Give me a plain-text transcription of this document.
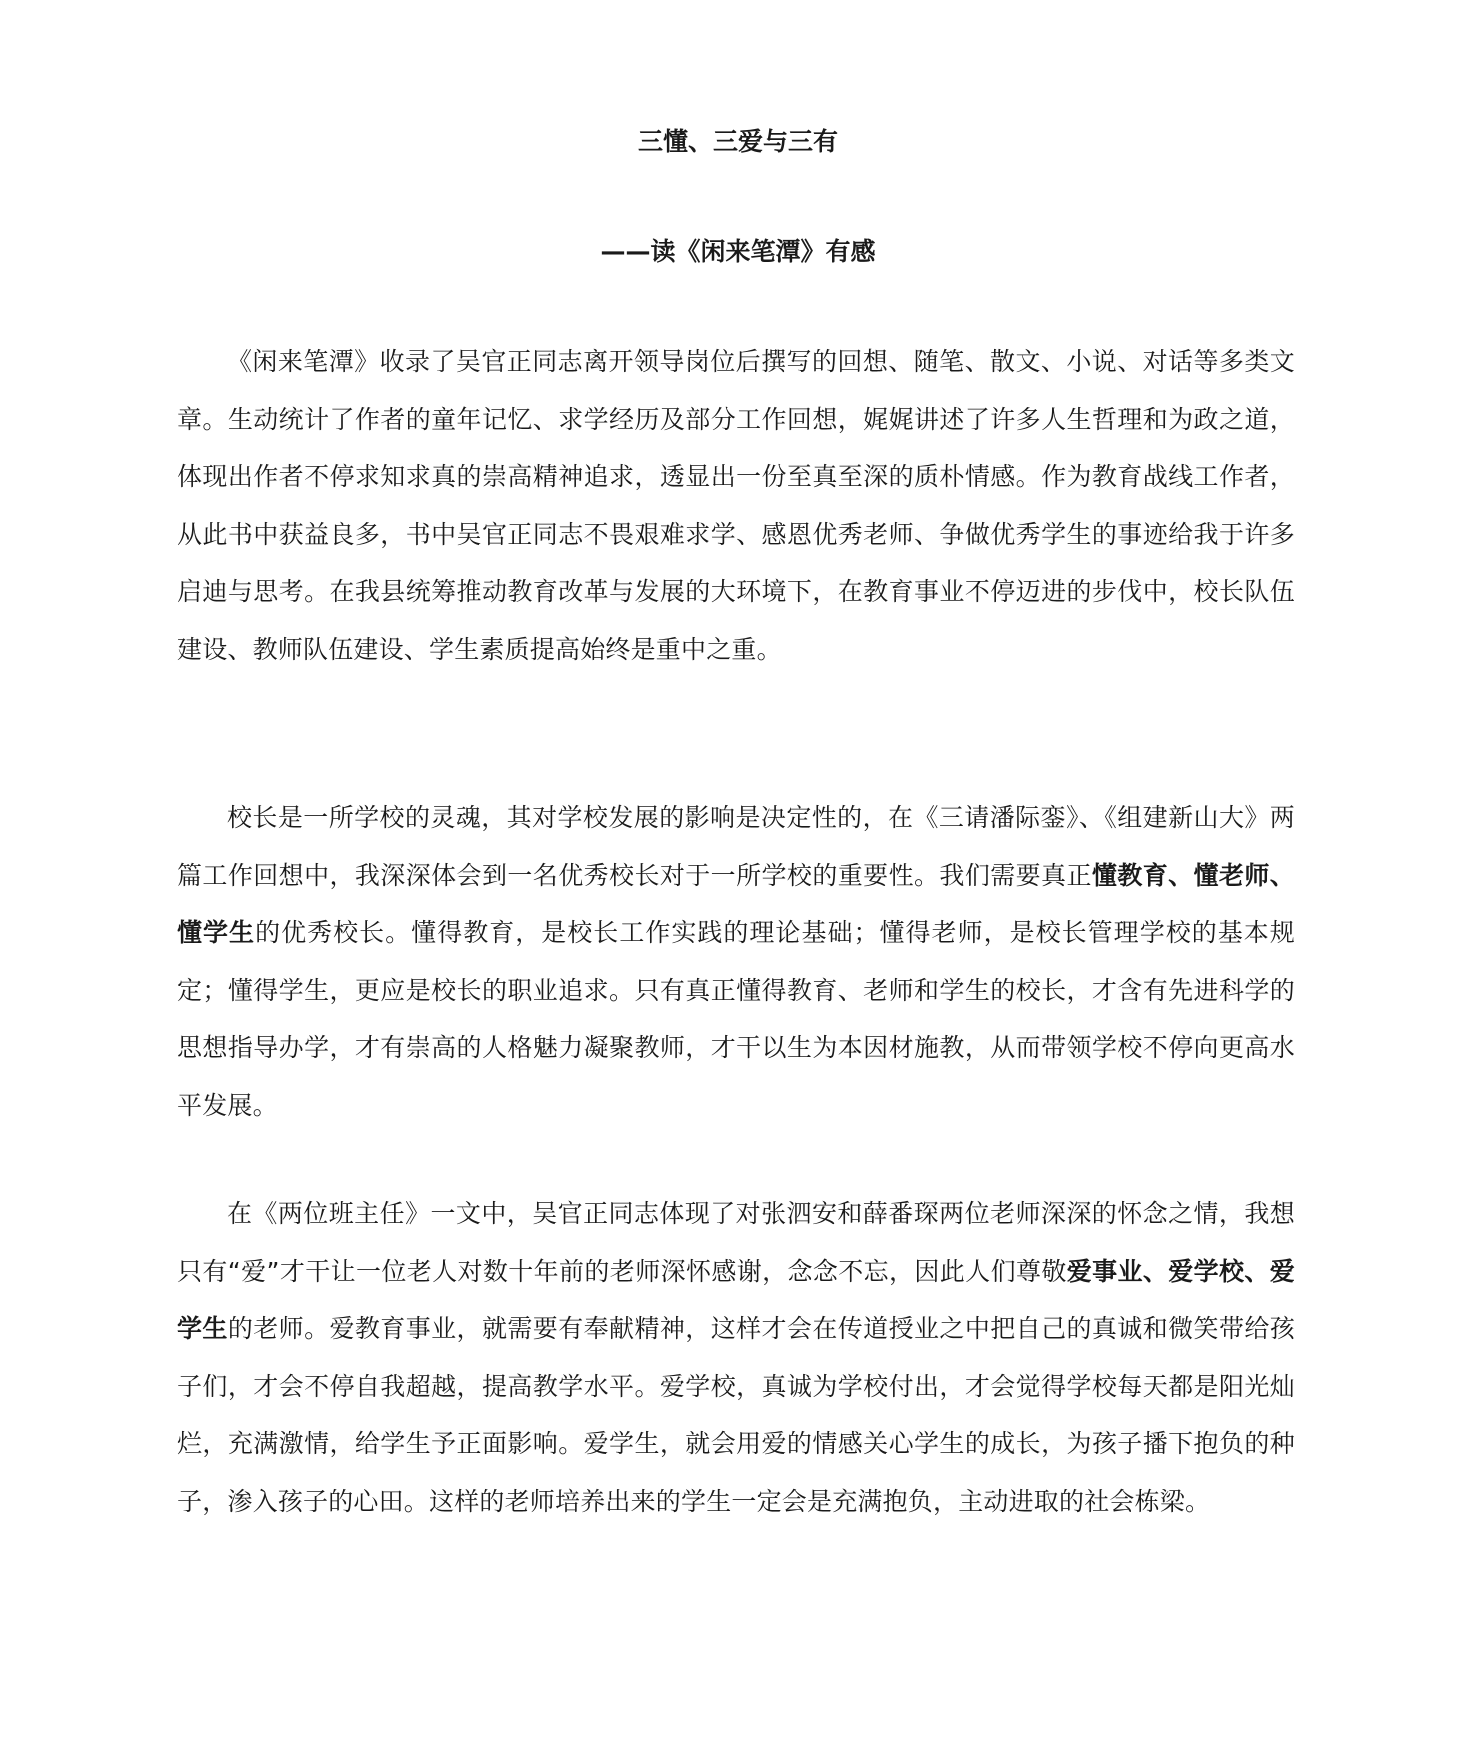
三懂、三爱与三有
——读《闲来笔潭》有感

《闲来笔潭》收录了吴官正同志离开领导岗位后撰写的回想、随笔、散文、小说、对话等多类文章。生动统计了作者的童年记忆、求学经历及部分工作回想，娓娓讲述了许多人生哲理和为政之道，体现出作者不停求知求真的崇高精神追求，透显出一份至真至深的质朴情感。作为教育战线工作者，从此书中获益良多，书中吴官正同志不畏艰难求学、感恩优秀老师、争做优秀学生的事迹给我于许多启迪与思考。在我县统筹推动教育改革与发展的大环境下，在教育事业不停迈进的步伐中，校长队伍建设、教师队伍建设、学生素质提高始终是重中之重。

校长是一所学校的灵魂，其对学校发展的影响是决定性的，在《三请潘际銮》、《组建新山大》两篇工作回想中，我深深体会到一名优秀校长对于一所学校的重要性。我们需要真正懂教育、懂老师、懂学生的优秀校长。懂得教育，是校长工作实践的理论基础；懂得老师，是校长管理学校的基本规定；懂得学生，更应是校长的职业追求。只有真正懂得教育、老师和学生的校长，才含有先进科学的思想指导办学，才有崇高的人格魅力凝聚教师，才干以生为本因材施教，从而带领学校不停向更高水平发展。

在《两位班主任》一文中，吴官正同志体现了对张泗安和薛番琛两位老师深深的怀念之情，我想只有“爱”才干让一位老人对数十年前的老师深怀感谢，念念不忘，因此人们尊敬爱事业、爱学校、爱学生的老师。爱教育事业，就需要有奉献精神，这样才会在传道授业之中把自己的真诚和微笑带给孩子们，才会不停自我超越，提高教学水平。爱学校，真诚为学校付出，才会觉得学校每天都是阳光灿烂，充满激情，给学生予正面影响。爱学生，就会用爱的情感关心学生的成长，为孩子播下抱负的种子，渗入孩子的心田。这样的老师培养出来的学生一定会是充满抱负，主动进取的社会栋梁。
